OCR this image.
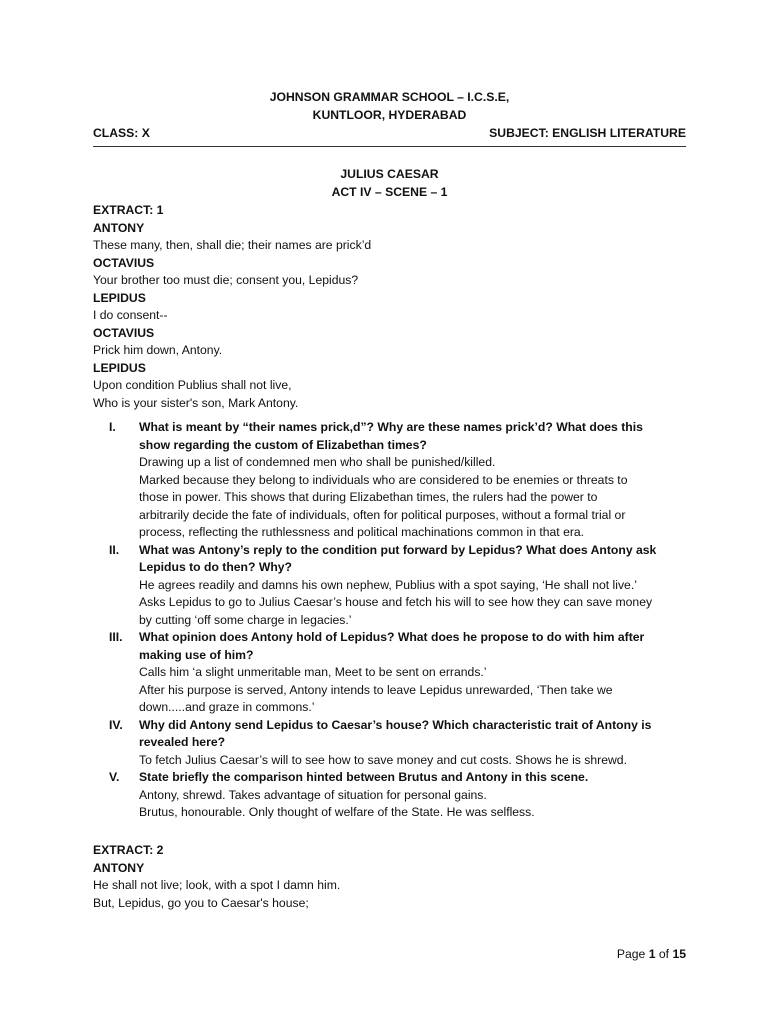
JOHNSON GRAMMAR SCHOOL – I.C.S.E,
KUNTLOOR, HYDERABAD
CLASS: X	SUBJECT: ENGLISH LITERATURE
JULIUS CAESAR
ACT IV – SCENE – 1
EXTRACT: 1
ANTONY
These many, then, shall die; their names are prick’d
OCTAVIUS
Your brother too must die; consent you, Lepidus?
LEPIDUS
I do consent--
OCTAVIUS
Prick him down, Antony.
LEPIDUS
Upon condition Publius shall not live,
Who is your sister's son, Mark Antony.
I.	What is meant by “their names prick,d”? Why are these names prick’d? What does this
show regarding the custom of Elizabethan times?
Drawing up a list of condemned men who shall be punished/killed.
Marked because they belong to individuals who are considered to be enemies or threats to
those in power. This shows that during Elizabethan times, the rulers had the power to
arbitrarily decide the fate of individuals, often for political purposes, without a formal trial or
process, reflecting the ruthlessness and political machinations common in that era.
II.	What was Antony’s reply to the condition put forward by Lepidus? What does Antony ask
Lepidus to do then? Why?
He agrees readily and damns his own nephew, Publius with a spot saying, ‘He shall not live.’
Asks Lepidus to go to Julius Caesar’s house and fetch his will to see how they can save money
by cutting ‘off some charge in legacies.’
III.	What opinion does Antony hold of Lepidus? What does he propose to do with him after
making use of him?
Calls him ‘a slight unmeritable man, Meet to be sent on errands.’
After his purpose is served, Antony intends to leave Lepidus unrewarded, ‘Then take we
down.....and graze in commons.’
IV.	Why did Antony send Lepidus to Caesar’s house? Which characteristic trait of Antony is
revealed here?
To fetch Julius Caesar’s will to see how to save money and cut costs. Shows he is shrewd.
V.	State briefly the comparison hinted between Brutus and Antony in this scene.
Antony, shrewd. Takes advantage of situation for personal gains.
Brutus, honourable. Only thought of welfare of the State. He was selfless.
EXTRACT: 2
ANTONY
He shall not live; look, with a spot I damn him.
But, Lepidus, go you to Caesar's house;
Page 1 of 15
